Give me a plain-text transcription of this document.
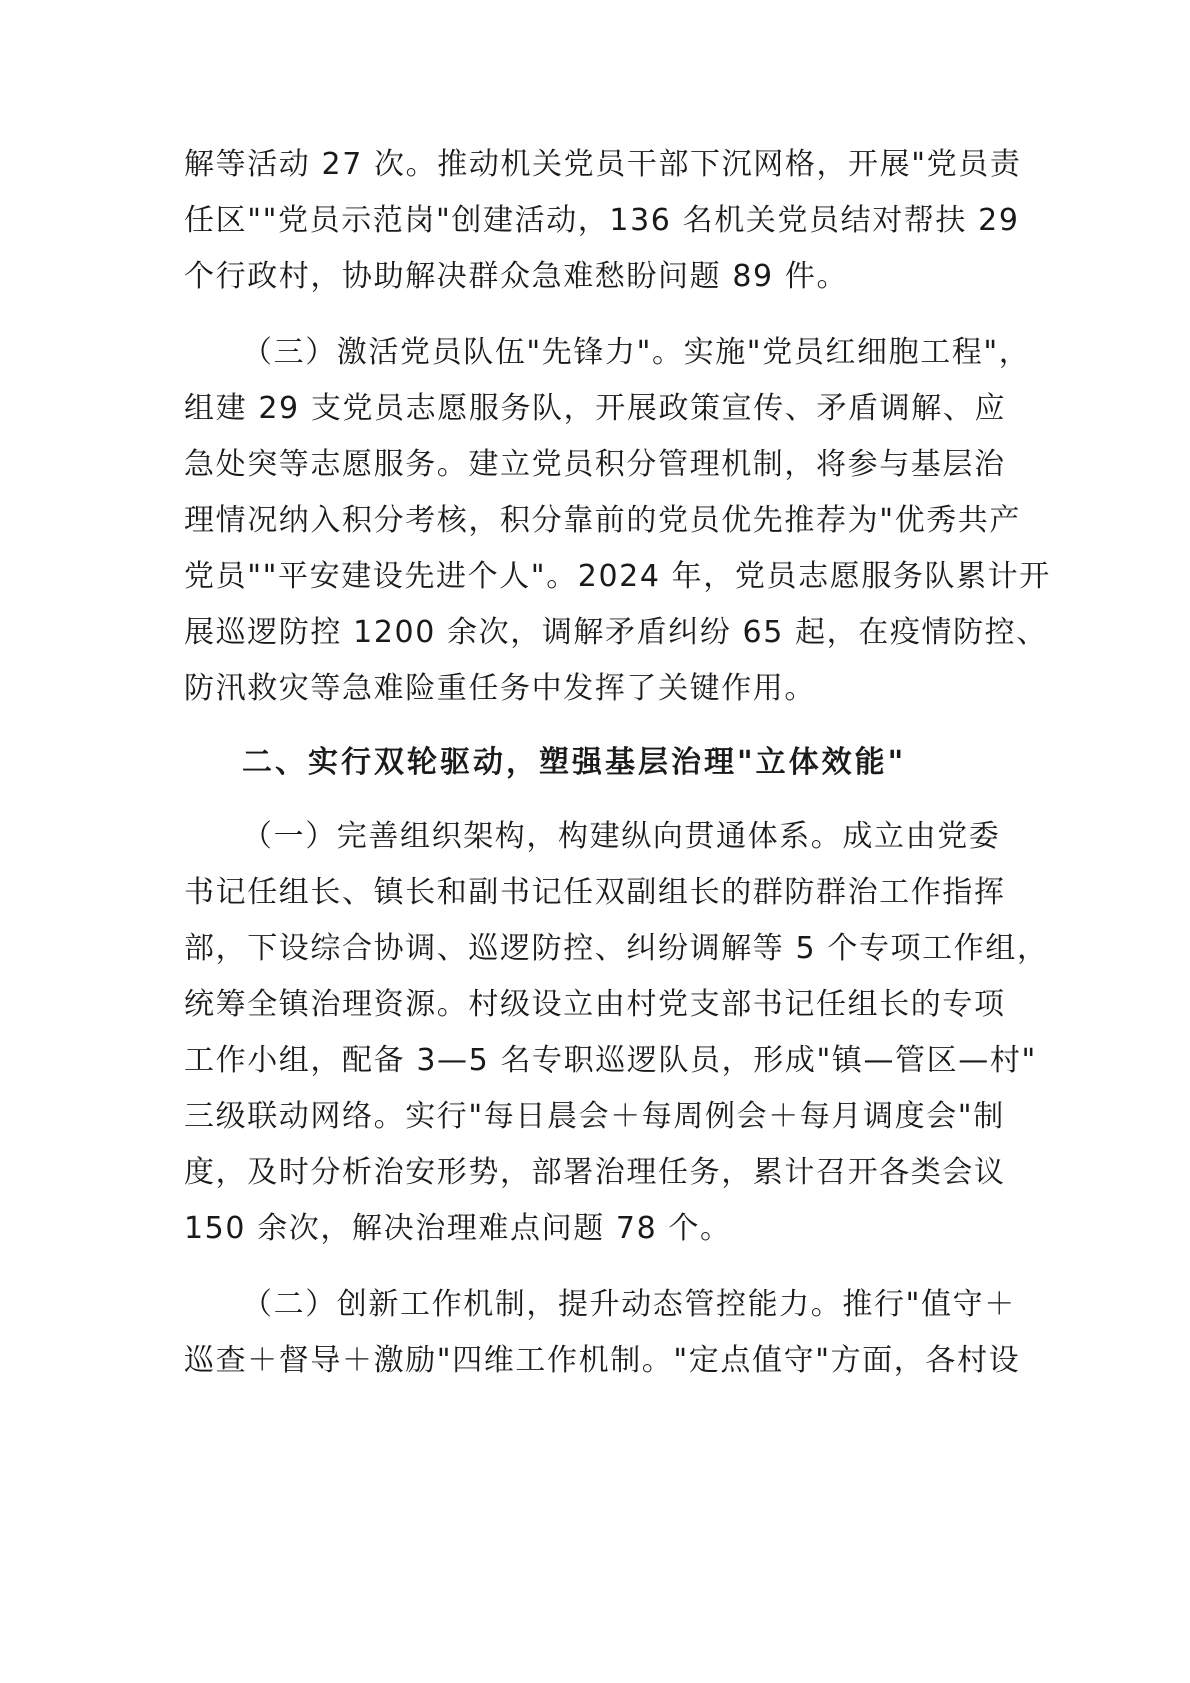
解等活动 27 次。推动机关党员干部下沉网格，开展"党员责
任区""党员示范岗"创建活动，136 名机关党员结对帮扶 29
个行政村，协助解决群众急难愁盼问题 89 件。
（三）激活党员队伍"先锋力"。实施"党员红细胞工程"，
组建 29 支党员志愿服务队，开展政策宣传、矛盾调解、应
急处突等志愿服务。建立党员积分管理机制，将参与基层治
理情况纳入积分考核，积分靠前的党员优先推荐为"优秀共产
党员""平安建设先进个人"。2024 年，党员志愿服务队累计开
展巡逻防控 1200 余次，调解矛盾纠纷 65 起，在疫情防控、
防汛救灾等急难险重任务中发挥了关键作用。
二、实行双轮驱动，塑强基层治理"立体效能"
（一）完善组织架构，构建纵向贯通体系。成立由党委
书记任组长、镇长和副书记任双副组长的群防群治工作指挥
部，下设综合协调、巡逻防控、纠纷调解等 5 个专项工作组，
统筹全镇治理资源。村级设立由村党支部书记任组长的专项
工作小组，配备 3—5 名专职巡逻队员，形成"镇—管区—村"
三级联动网络。实行"每日晨会＋每周例会＋每月调度会"制
度，及时分析治安形势，部署治理任务，累计召开各类会议
150 余次，解决治理难点问题 78 个。
（二）创新工作机制，提升动态管控能力。推行"值守＋
巡查＋督导＋激励"四维工作机制。"定点值守"方面，各村设
